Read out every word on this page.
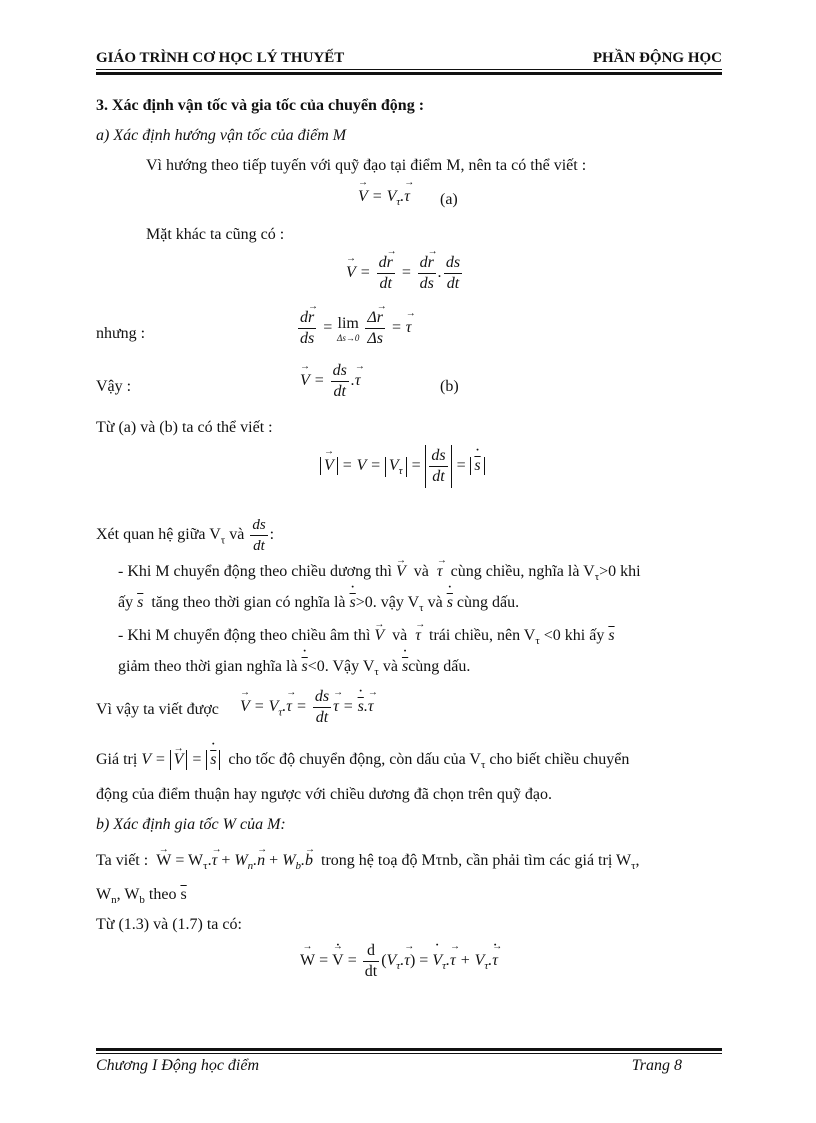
GIÁO TRÌNH CƠ HỌC LÝ THUYẾT	PHẦN ĐỘNG HỌC
3. Xác định vận tốc và gia tốc của chuyển động :
a) Xác định hướng vận tốc của điểm M
Vì hướng theo tiếp tuyến với quỹ đạo tại điểm M, nên ta có thể viết :
V → = $V_\tau.\tau \to (a)$
Mặt khác ta cũng có :
V → = $\frac{dr \to}{dt} = \frac{dr \to}{ds}$ . $\frac{ds}{dt}$
nhưng :	$\frac{dr \to}{ds} = \lim$
Δs→0
$\frac{\Delta r \to}{\Delta s} = \tau$ →
Vậy :	V → = $\frac{ds}{dt} .\tau$ →	(b)
Từ (a) và (b) ta có thể viết :
V → = $V = V_\tau = \frac{ds}{dt} = \overline{s}$ ·
Xét quan hệ giữa $V_\tau$ và $\frac{ds}{dt}$ :
- Khi M chuyển động theo chiều dương thì V → và τ → cùng chiều, nghĩa là $V_\tau>0$ khi
ấy $\overline{s}$ tăng theo thời gian có nghĩa là $\overline{s} \cdot>0$. vậy $V_\tau$ và $\overline{s}$ · cùng dấu.
- Khi M chuyển động theo chiều âm thì V → và τ → trái chiều, nên $V_\tau <0$ khi ấy $\overline{s}$
giảm theo thời gian nghĩa là $\overline{s} \cdot<0$. Vậy $V_\tau$ và $\overline{s}$ ·cùng dấu.
Vì vậy ta viết được V → = $V_\tau.\tau$ → = $\frac{ds}{dt}$ τ → = $\overline{s} \cdot.\tau$ →
Giá trị V = V → = $\overline{s}$ · cho tốc độ chuyển động, còn dấu của $V_\tau$ cho biết chiều chuyển
động của điểm thuận hay ngược với chiều dương đã chọn trên quỹ đạo.
b) Xác định gia tốc W của M:
Ta viết : W → = $W_\tau.\tau$ → + $W_n.n$ → + $W_b.b$ → trong hệ toạ độ Mτnb, cần phải tìm các giá trị $W_\tau$,
$W_n$, $W_b$ theo $\overline{s}$
Từ (1.3) và (1.7) ta có:
W → = V → · = $\frac{d}{dt} (V_\tau.\tau$ →) = $V \cdot_\tau.\tau$ → + $V_\tau.\tau$ → ·
Chương I Động học điểm	Trang 8
